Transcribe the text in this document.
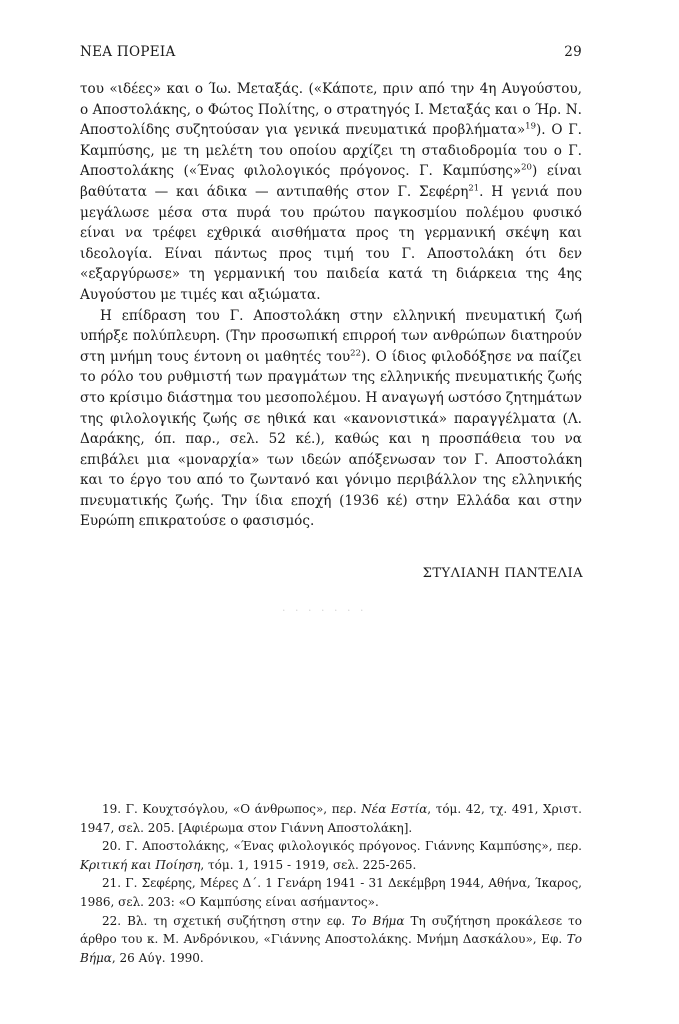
ΝΕΑ ΠΟΡΕΙΑ	29

του «ιδέες» και ο Ίω. Μεταξάς. («Κάποτε, πριν από την 4η Αυγούστου, ο Αποστολάκης, ο Φώτος Πολίτης, ο στρατηγός Ι. Μεταξάς και ο Ήρ. Ν. Αποστολίδης συζητούσαν για γενικά πνευματικά προβλήματα»$^{19}$). Ο Γ. Καμπύσης, με τη μελέτη του οποίου αρχίζει τη σταδιοδρομία του ο Γ. Αποστολάκης («Ένας φιλολογικός πρόγονος. Γ. Καμπύσης»$^{20}$) είναι βαθύτατα — και άδικα — αντιπαθής στον Γ. Σεφέρη$^{21}$. Η γενιά που μεγάλωσε μέσα στα πυρά του πρώτου παγκοσμίου πολέμου φυσικό είναι να τρέφει εχθρικά αισθήματα προς τη γερμανική σκέψη και ιδεολογία. Είναι πάντως προς τιμή του Γ. Αποστολάκη ότι δεν «εξαργύρωσε» τη γερμανική του παιδεία κατά τη διάρκεια της 4ης Αυγούστου με τιμές και αξιώματα.

Η επίδραση του Γ. Αποστολάκη στην ελληνική πνευματική ζωή υπήρξε πολύπλευρη. (Την προσωπική επιρροή των ανθρώπων διατηρούν στη μνήμη τους έντονη οι μαθητές του$^{22}$). Ο ίδιος φιλοδόξησε να παίζει το ρόλο του ρυθμιστή των πραγμάτων της ελληνικής πνευματικής ζωής στο κρίσιμο διάστημα του μεσοπολέμου. Η αναγωγή ωστόσο ζητημάτων της φιλολογικής ζωής σε ηθικά και «κανονιστικά» παραγγέλματα (Λ. Δαράκης, όπ. παρ., σελ. 52 κέ.), καθώς και η προσπάθεια του να επιβάλει μια «μοναρχία» των ιδεών απόξενωσαν τον Γ. Αποστολάκη και το έργο του από το ζωντανό και γόνιμο περιβάλλον της ελληνικής πνευματικής ζωής. Την ίδια εποχή (1936 κέ) στην Ελλάδα και στην Ευρώπη επικρατούσε ο φασισμός.

ΣΤΥΛΙΑΝΗ ΠΑΝΤΕΛΙΑ
· · · · · · ·

19. Γ. Κουχτσόγλου, «Ο άνθρωπος», περ. Νέα Εστία, τόμ. 42, τχ. 491, Χριστ. 1947, σελ. 205. [Αφιέρωμα στον Γιάννη Αποστολάκη].

20. Γ. Αποστολάκης, «Ένας φιλολογικός πρόγονος. Γιάννης Καμπύσης», περ. Κριτική και Ποίηση, τόμ. 1, 1915 - 1919, σελ. 225-265.

21. Γ. Σεφέρης, Μέρες Δ΄. 1 Γενάρη 1941 - 31 Δεκέμβρη 1944, Αθήνα, Ίκαρος, 1986, σελ. 203: «Ο Καμπύσης είναι ασήμαντος».

22. Βλ. τη σχετική συζήτηση στην εφ. Το Βήμα Τη συζήτηση προκάλεσε το άρθρο του κ. Μ. Ανδρόνικου, «Γιάννης Αποστολάκης. Μνήμη Δασκάλου», Εφ. Το Βήμα, 26 Αύγ. 1990.
